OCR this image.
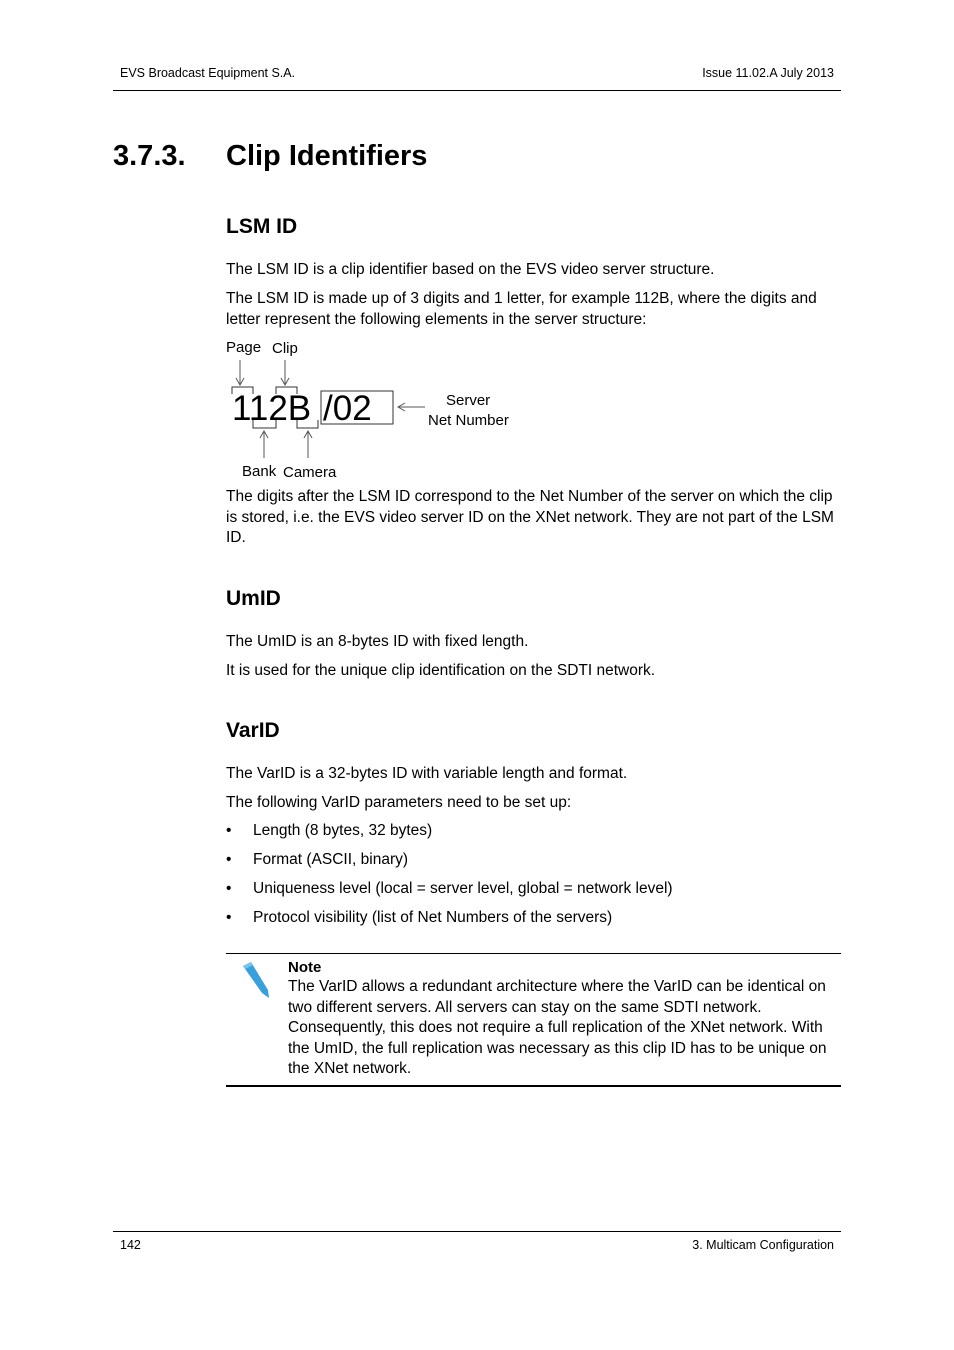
EVS Broadcast Equipment S.A.	Issue 11.02.A July 2013
3.7.3. Clip Identifiers
LSM ID
The LSM ID is a clip identifier based on the EVS video server structure.
The LSM ID is made up of 3 digits and 1 letter, for example 112B, where the digits and letter represent the following elements in the server structure:
Page Clip
112B /02
Bank Camera
Server
Net Number
The digits after the LSM ID correspond to the Net Number of the server on which the clip is stored, i.e. the EVS video server ID on the XNet network. They are not part of the LSM ID.
UmID
The UmID is an 8-bytes ID with fixed length.
It is used for the unique clip identification on the SDTI network.
VarID
The VarID is a 32-bytes ID with variable length and format.
The following VarID parameters need to be set up:
• Length (8 bytes, 32 bytes)
• Format (ASCII, binary)
• Uniqueness level (local = server level, global = network level)
• Protocol visibility (list of Net Numbers of the servers)
Note
The VarID allows a redundant architecture where the VarID can be identical on two different servers. All servers can stay on the same SDTI network. Consequently, this does not require a full replication of the XNet network. With the UmID, the full replication was necessary as this clip ID has to be unique on the XNet network.
142	3. Multicam Configuration
